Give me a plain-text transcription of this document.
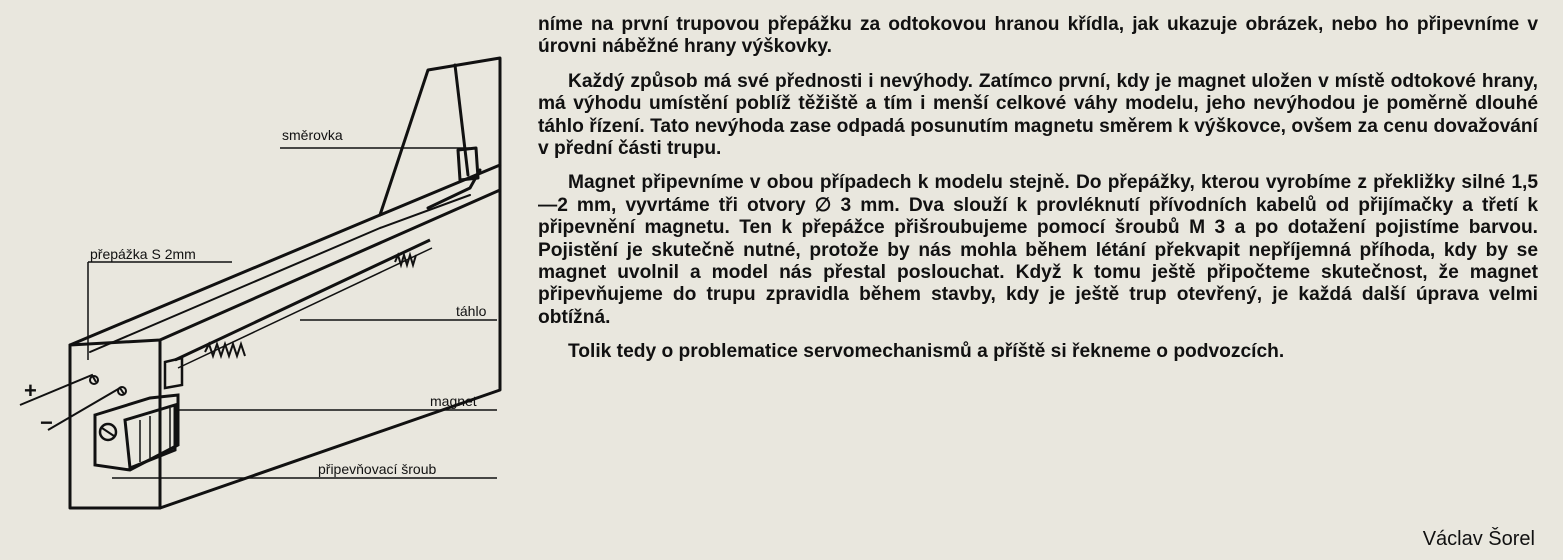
směrovka
přepážka S 2mm
táhlo
magnet
připevňovací šroub
+
−

níme na první trupovou přepážku za odtokovou hranou křídla, jak ukazuje obrázek, nebo ho připevníme v úrovni náběžné hrany výškovky.

Každý způsob má své přednosti i nevýhody. Zatímco první, kdy je magnet uložen v místě odtokové hrany, má výhodu umístění poblíž těžiště a tím i menší celkové váhy modelu, jeho nevýhodou je poměrně dlouhé táhlo řízení. Tato nevýhoda zase odpadá posunutím magnetu směrem k výškovce, ovšem za cenu dovažování v přední části trupu.

Magnet připevníme v obou případech k modelu stejně. Do přepážky, kterou vyrobíme z překližky silné 1,5—2 mm, vyvrtáme tři otvory ∅ 3 mm. Dva slouží k provléknutí přívodních kabelů od přijímačky a třetí k připevnění magnetu. Ten k přepážce přišroubujeme pomocí šroubů M 3 a po dotažení pojistíme barvou. Pojistění je skutečně nutné, protože by nás mohla během létání překvapit nepříjemná příhoda, kdy by se magnet uvolnil a model nás přestal poslouchat. Když k tomu ještě připočteme skutečnost, že magnet připevňujeme do trupu zpravidla během stavby, kdy je ještě trup otevřený, je každá další úprava velmi obtížná.

Tolik tedy o problematice servomechanismů a příště si řekneme o podvozcích.

Václav Šorel
